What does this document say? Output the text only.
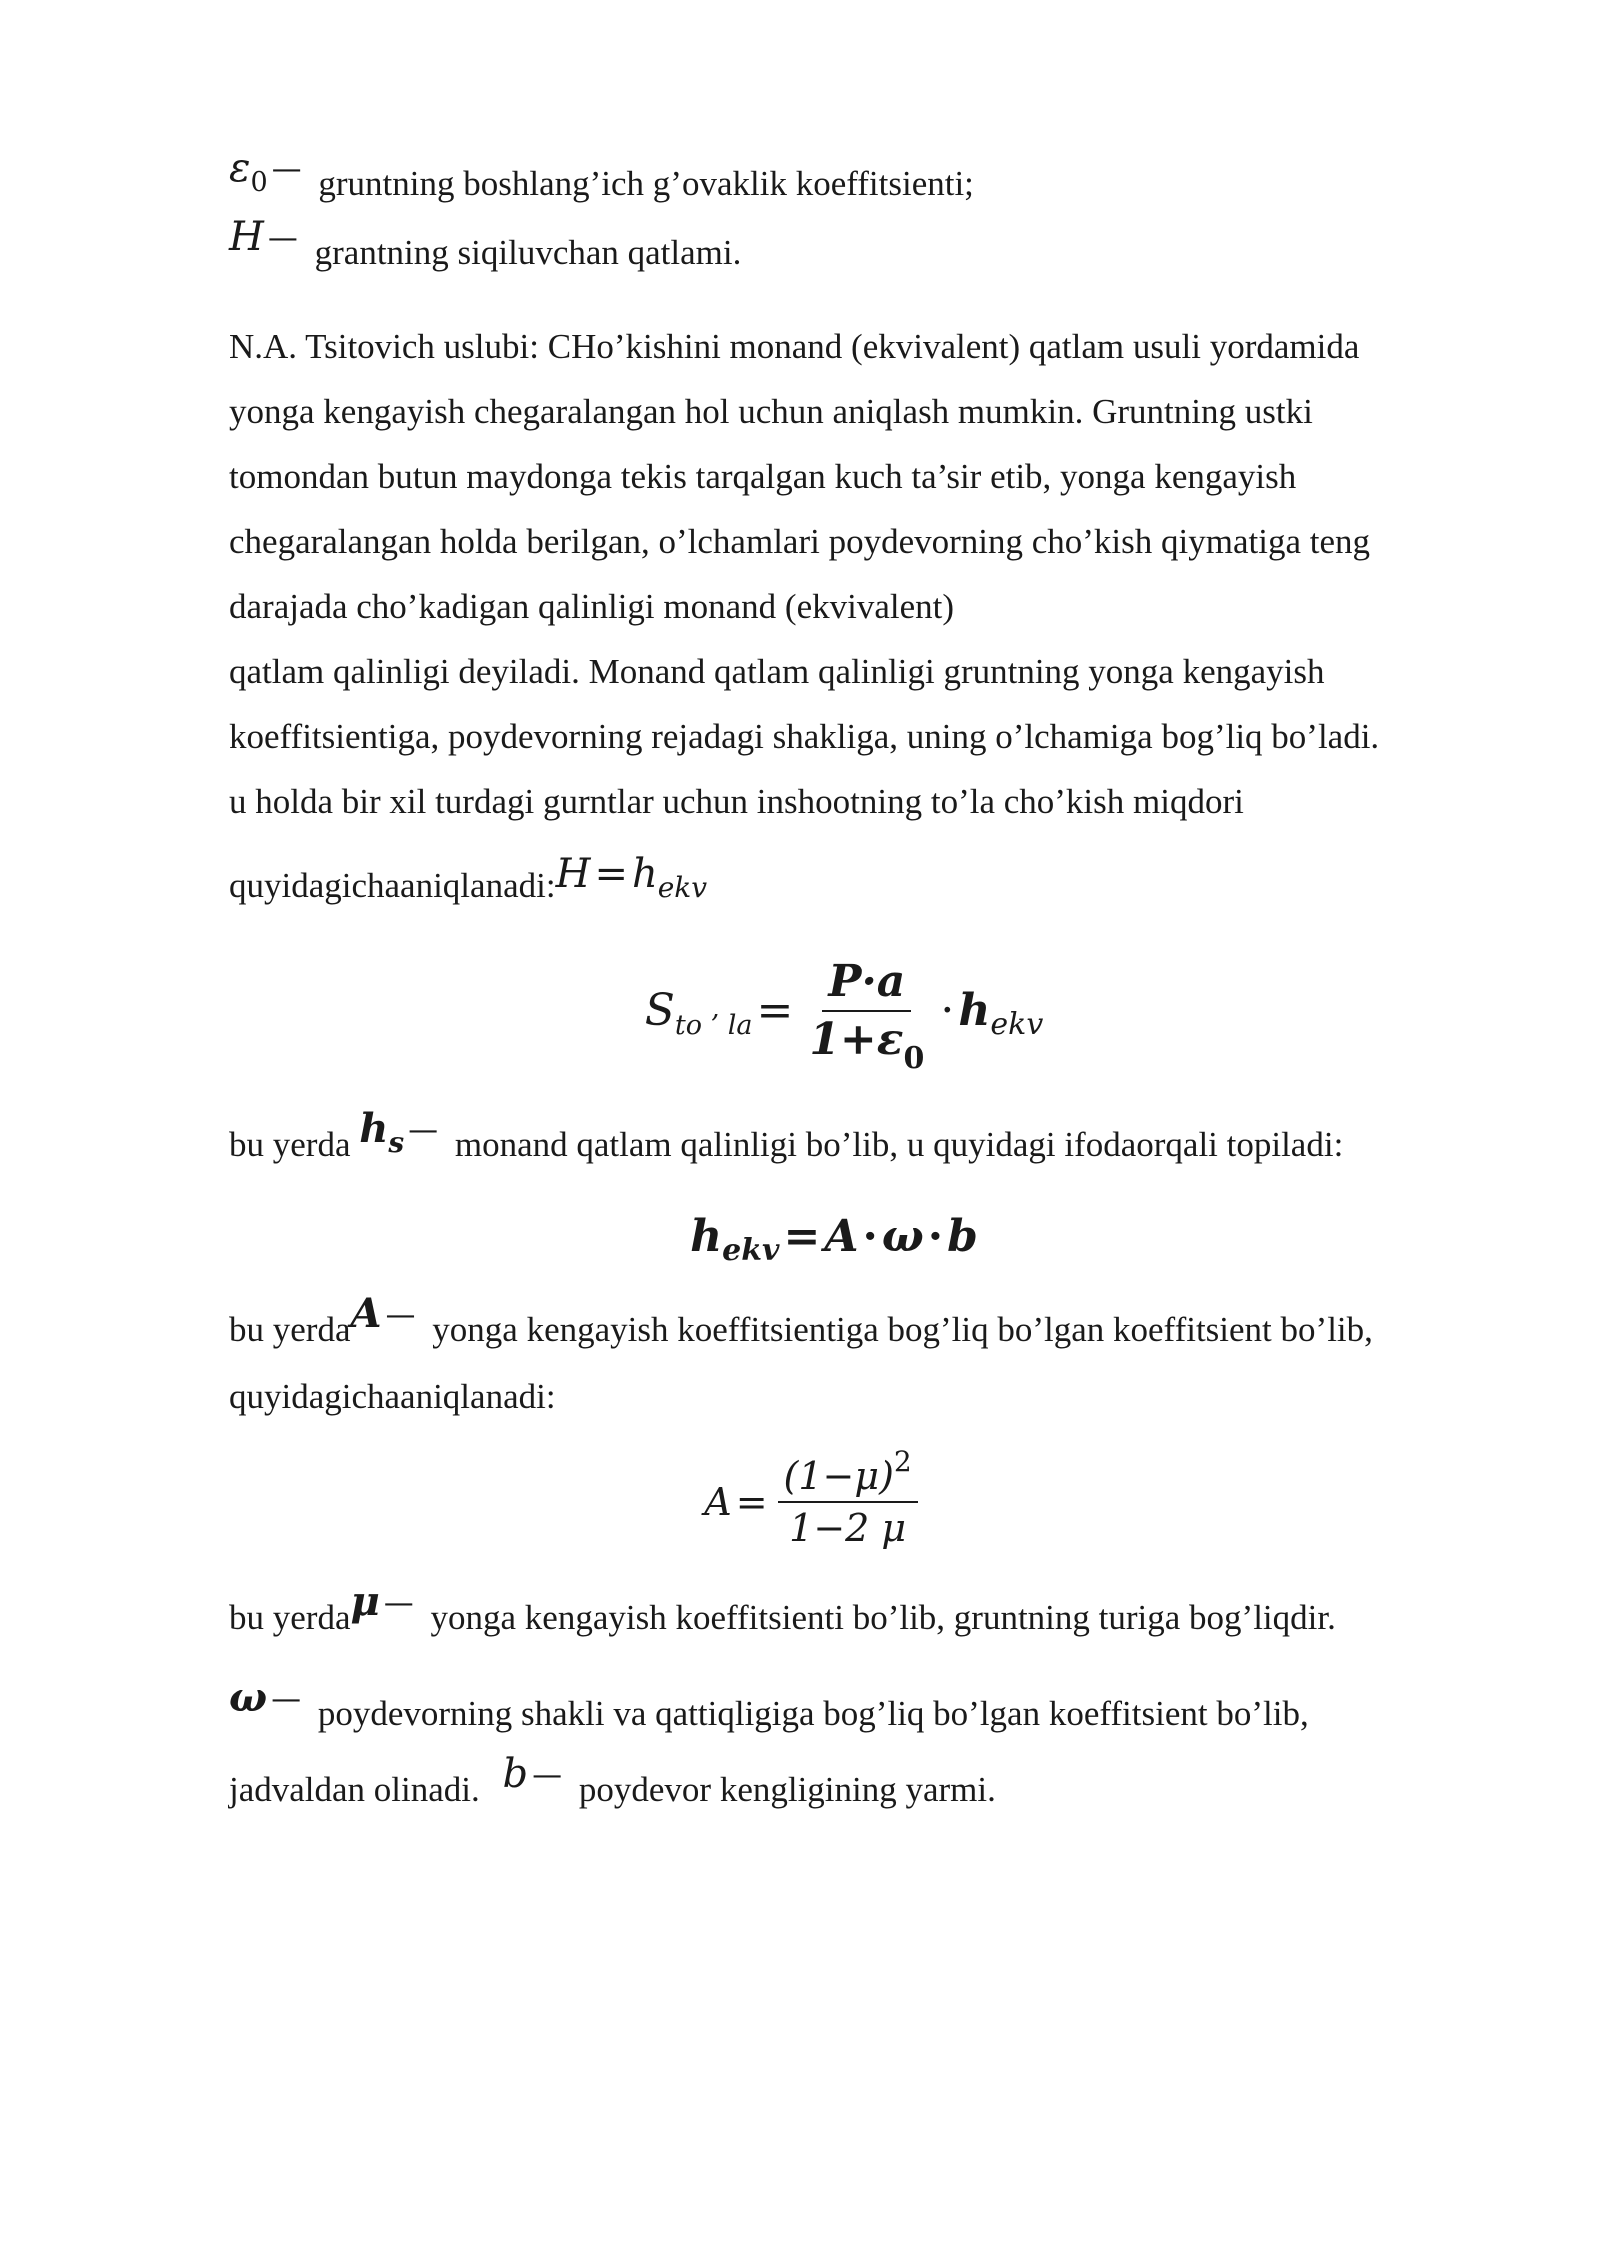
$\varepsilon_0$ — gruntning boshlang’ich g’ovaklik koeffitsienti;
H — grantning siqiluvchan qatlami.
N.A. Tsitovich uslubi: CHo’kishini monand (ekvivalent) qatlam usuli yordamida
yonga kengayish chegaralangan hol uchun aniqlash mumkin. Gruntning ustki
tomondan butun maydonga tekis tarqalgan kuch ta’sir etib, yonga kengayish
chegaralangan holda berilgan, o’lchamlari poydevorning cho’kish qiymatiga teng
darajada cho’kadigan qalinligi monand (ekvivalent)
qatlam qalinligi deyiladi. Monand qatlam qalinligi gruntning yonga kengayish
koeffitsientiga, poydevorning rejadagi shakliga, uning o’lchamiga bog’liq bo’ladi.
u holda bir xil turdagi gurntlar uchun inshootning to’la cho’kish miqdori
quyidagichaaniqlanadi:H = $h_{ekv}$
S to ’ la = $\frac{P\cdot a}{1+\varepsilon_0} \cdot h$ ekv
bu yerda $h_s$ — monand qatlam qalinligi bo’lib, u quyidagi ifodaorqali topiladi:
h ekv = A · ω · b
bu yerdaA — yonga kengayish koeffitsientiga bog’liq bo’lgan koeffitsient bo’lib,
quyidagichaaniqlanadi:
$A = \frac{(1-\mu)^2}{1-2 \mu}$
bu yerdaμ — yonga kengayish koeffitsienti bo’lib, gruntning turiga bog’liqdir.
ω — poydevorning shakli va qattiqligiga bog’liq bo’lgan koeffitsient bo’lib,
jadvaldan olinadi. b — poydevor kengligining yarmi.
